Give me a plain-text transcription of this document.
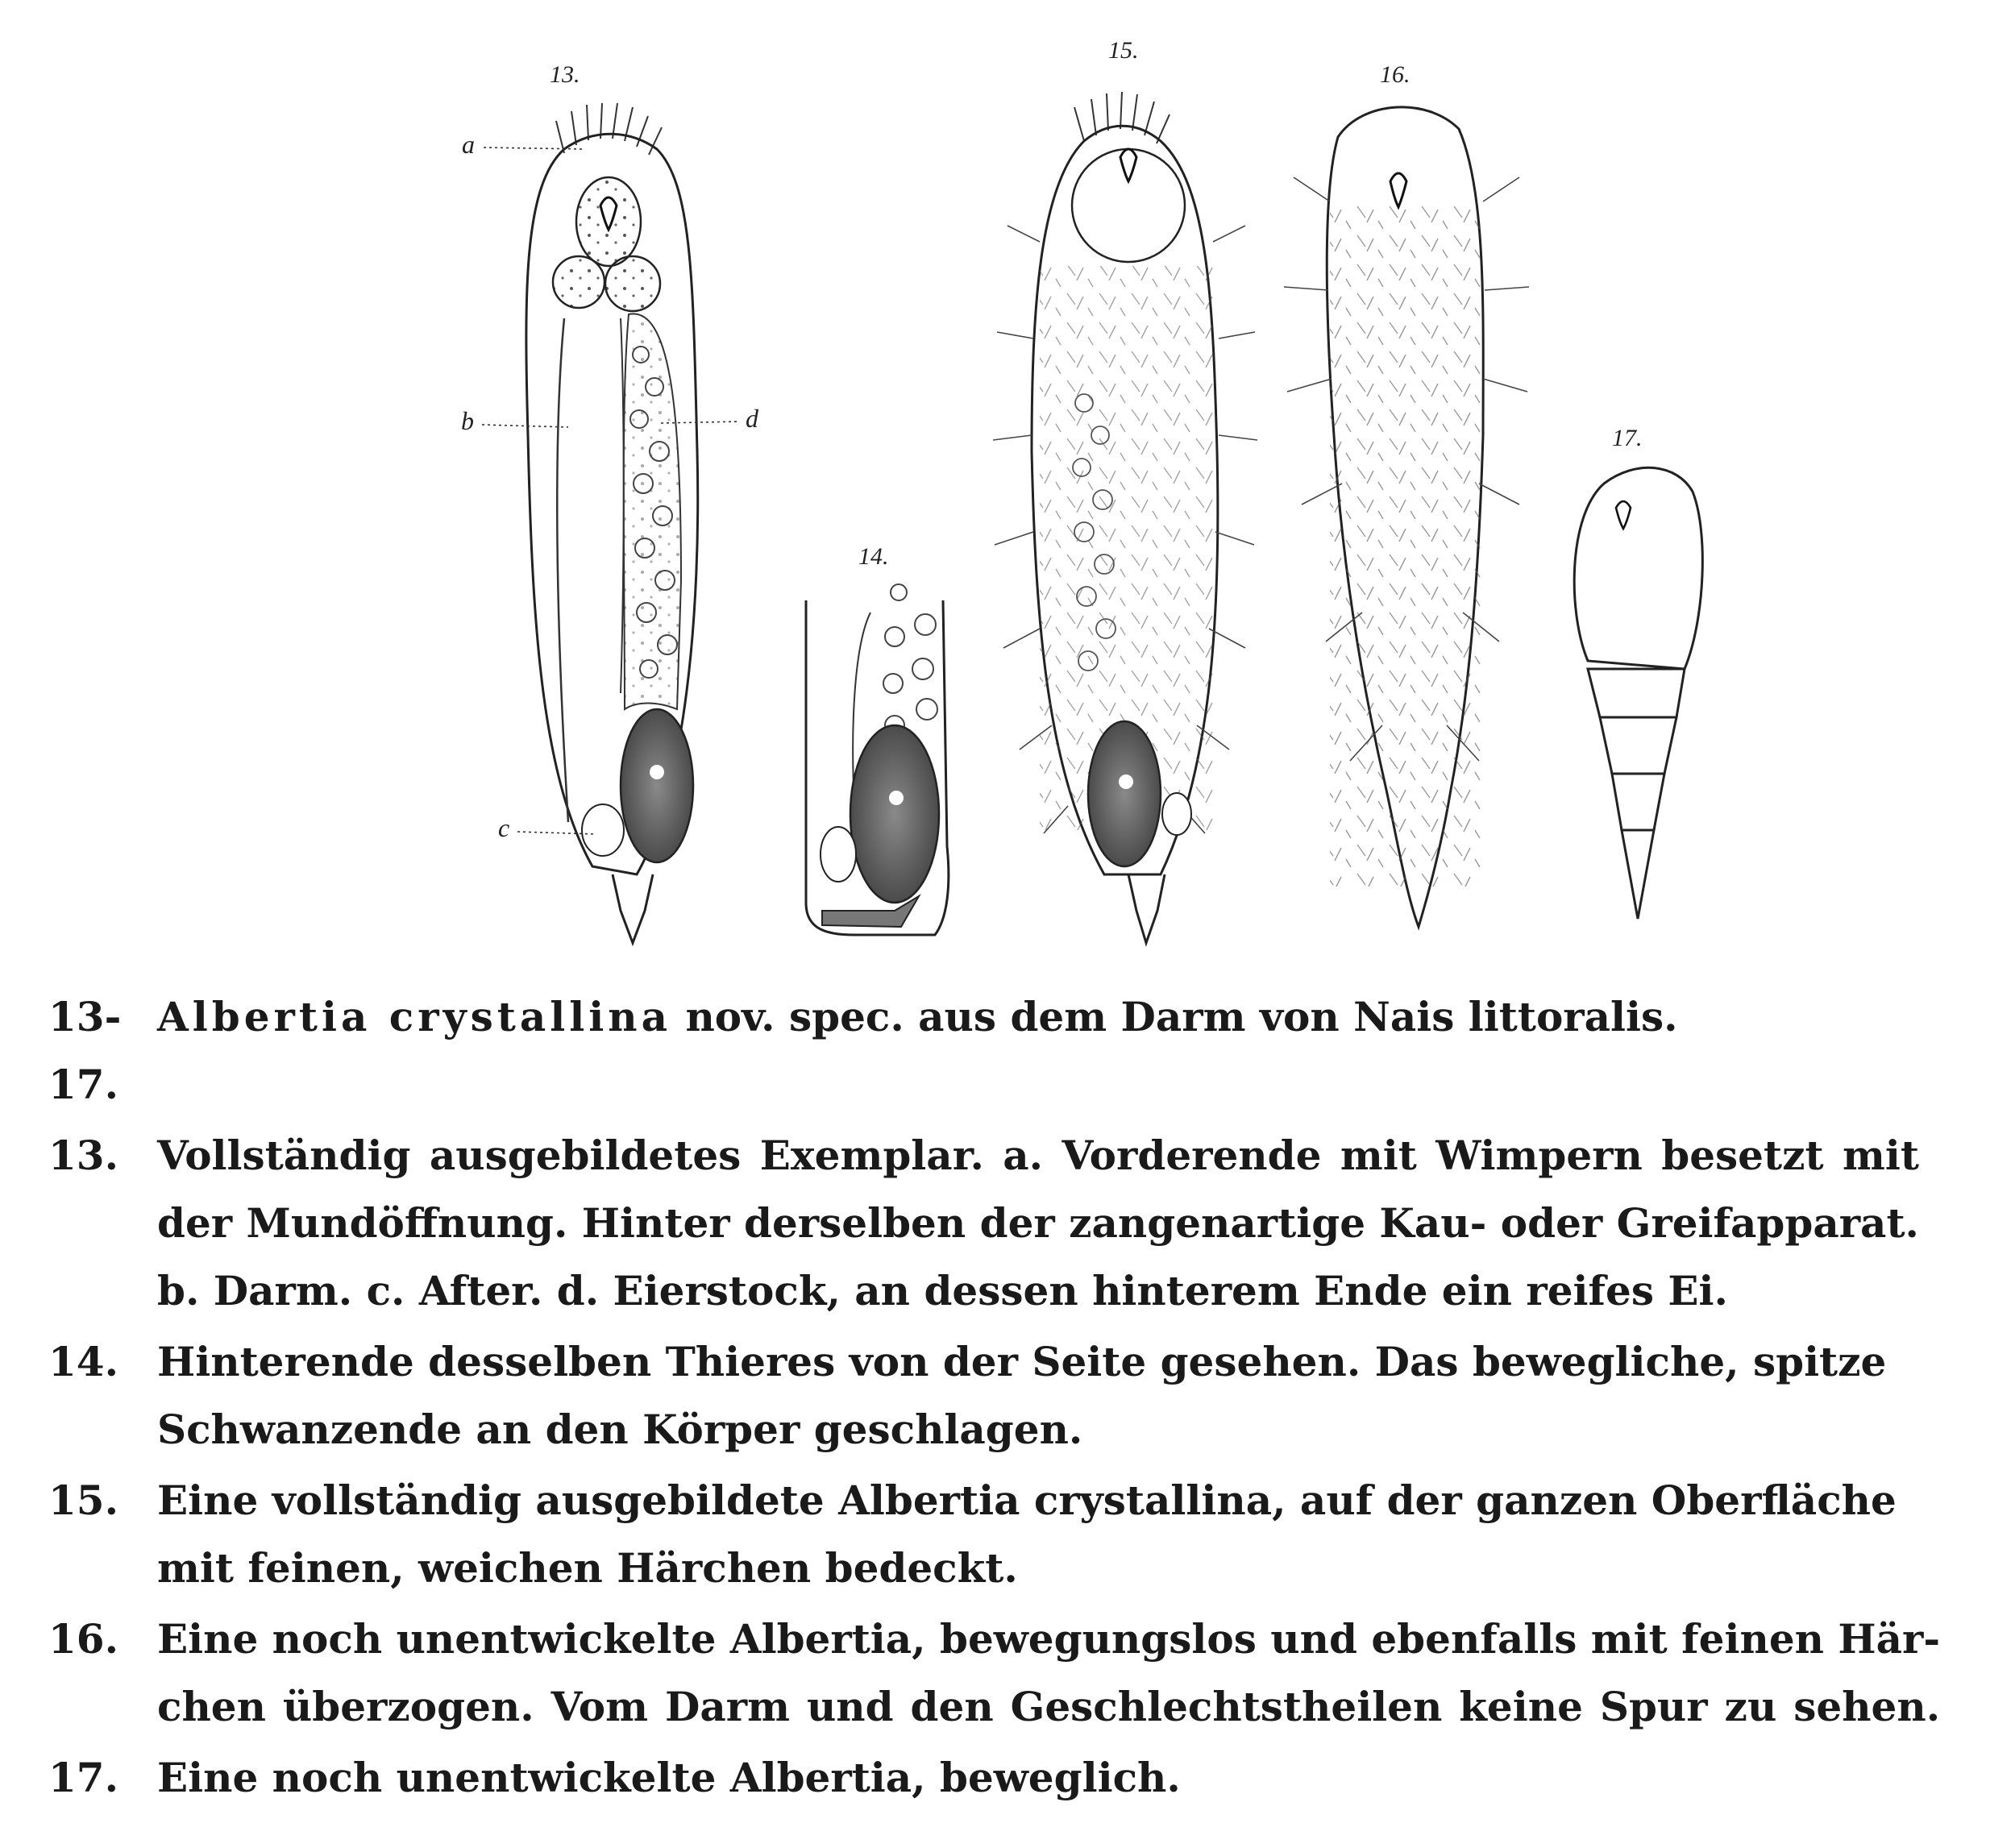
13.
a
b	d
c
14.
15.
16.
17.
13-17.
Albertia crystallina nov. spec. aus dem Darm von Nais littoralis.
13. Vollständig ausgebildetes Exemplar. a. Vorderende mit Wimpern besetzt mit
der Mundöffnung. Hinter derselben der zangenartige Kau- oder Greifapparat.
b. Darm. c. After. d. Eierstock, an dessen hinterem Ende ein reifes Ei.
14. Hinterende desselben Thieres von der Seite gesehen. Das bewegliche, spitze
Schwanzende an den Körper geschlagen.
15. Eine vollständig ausgebildete Albertia crystallina, auf der ganzen Oberfläche
mit feinen, weichen Härchen bedeckt.
16. Eine noch unentwickelte Albertia, bewegungslos und ebenfalls mit feinen Här-
chen überzogen. Vom Darm und den Geschlechtstheilen keine Spur zu sehen.
17. Eine noch unentwickelte Albertia, beweglich.
